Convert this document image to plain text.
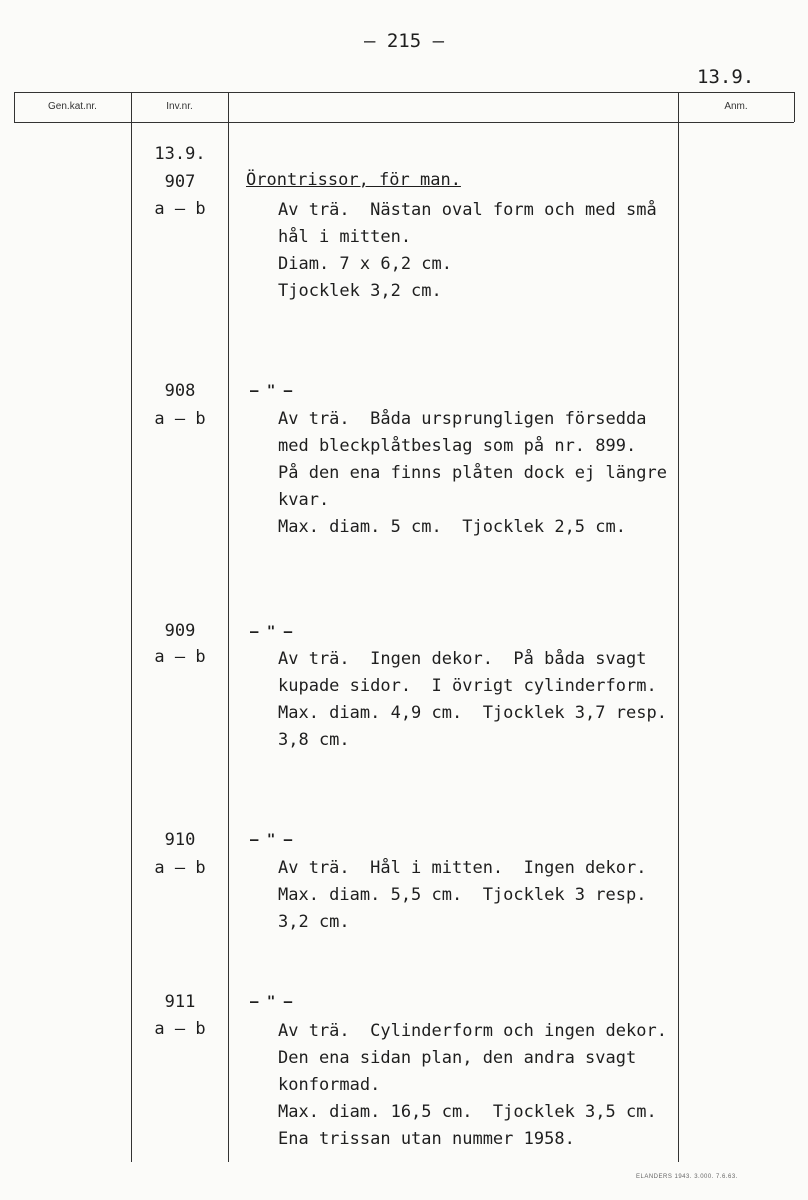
— 215 —
13.9.
Gen.kat.nr.	Inv.nr.	Anm.
13.9.
907
a – b
908
a – b
909
a – b
910
a – b
911
a – b
Örontrissor, för man.
Av trä.  Nästan oval form och med små
hål i mitten.
Diam. 7 x 6,2 cm.
Tjocklek 3,2 cm.
– " –
Av trä.  Båda ursprungligen försedda
med bleckplåtbeslag som på nr. 899.
På den ena finns plåten dock ej längre
kvar.
Max. diam. 5 cm.  Tjocklek 2,5 cm.
– " –
Av trä.  Ingen dekor.  På båda svagt
kupade sidor.  I övrigt cylinderform.
Max. diam. 4,9 cm.  Tjocklek 3,7 resp.
3,8 cm.
– " –
Av trä.  Hål i mitten.  Ingen dekor.
Max. diam. 5,5 cm.  Tjocklek 3 resp.
3,2 cm.
– " –
Av trä.  Cylinderform och ingen dekor.
Den ena sidan plan, den andra svagt
konformad.
Max. diam. 16,5 cm.  Tjocklek 3,5 cm.
Ena trissan utan nummer 1958.
ELANDERS 1943. 3.000. 7.6.63.
